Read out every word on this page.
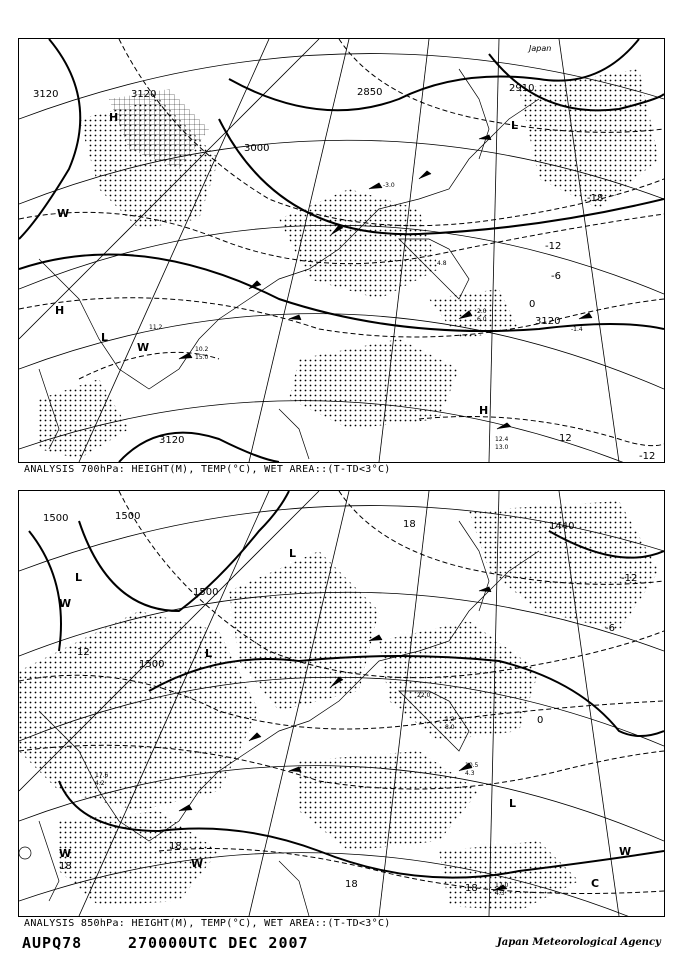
3120	3120
3000
2850	2910
3120
3120
-18
-12
-6
0
12
-12
H
H
L
W
H
W
L
12.4
13.0
2.0
6.0
10.2
-1.4
15.0
11.2
4.8
-3.0
Japan
ANALYSIS 700hPa: HEIGHT(M), TEMP(°C), WET AREA::(T-TD<3°C)
1500
1500
1500
1440
1500
18
12
-6
0
18
18
18	18
-12
L
L
L
W
L
W
W
W
C
17.0
4.3
10.5
4.3
1.2
8.0
22.0
17.6
4.2
ANALYSIS 850hPa: HEIGHT(M), TEMP(°C), WET AREA::(T-TD<3°C)
AUPQ78	270000UTC DEC 2007	Japan Meteorological Agency
